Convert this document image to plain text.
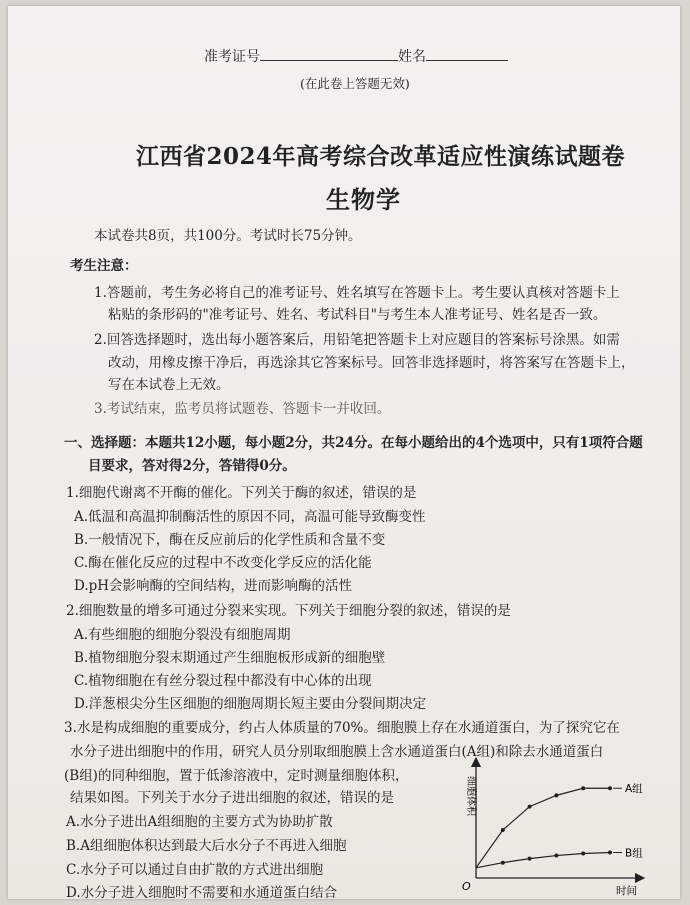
准考证号	姓名
(在此卷上答题无效)
江西省2024年高考综合改革适应性演练试题卷
生物学
本试卷共8页，共100分。考试时长75分钟。
考生注意：
1.答题前，考生务必将自己的准考证号、姓名填写在答题卡上。考生要认真核对答题卡上
粘贴的条形码的"准考证号、姓名、考试科目"与考生本人准考证号、姓名是否一致。
2.回答选择题时，选出每小题答案后，用铅笔把答题卡上对应题目的答案标号涂黑。如需
改动，用橡皮擦干净后，再选涂其它答案标号。回答非选择题时，将答案写在答题卡上，
写在本试卷上无效。
3.考试结束，监考员将试题卷、答题卡一并收回。
一、选择题：本题共12小题，每小题2分，共24分。在每小题给出的4个选项中，只有1项符合题
目要求，答对得2分，答错得0分。
1.细胞代谢离不开酶的催化。下列关于酶的叙述，错误的是
A.低温和高温抑制酶活性的原因不同，高温可能导致酶变性
B.一般情况下，酶在反应前后的化学性质和含量不变
C.酶在催化反应的过程中不改变化学反应的活化能
D.pH会影响酶的空间结构，进而影响酶的活性
2.细胞数量的增多可通过分裂来实现。下列关于细胞分裂的叙述，错误的是
A.有些细胞的细胞分裂没有细胞周期
B.植物细胞分裂末期通过产生细胞板形成新的细胞壁
C.植物细胞在有丝分裂过程中都没有中心体的出现
D.洋葱根尖分生区细胞的细胞周期长短主要由分裂间期决定
3.水是构成细胞的重要成分，约占人体质量的70%。细胞膜上存在水通道蛋白，为了探究它在
水分子进出细胞中的作用，研究人员分别取细胞膜上含水通道蛋白(A组)和除去水通道蛋白
(B组)的同种细胞，置于低渗溶液中，定时测量细胞体积，
结果如图。下列关于水分子进出细胞的叙述，错误的是
A.水分子进出A组细胞的主要方式为协助扩散
B.A组细胞体积达到最大后水分子不再进入细胞
C.水分子可以通过自由扩散的方式进出细胞
D.水分子进入细胞时不需要和水通道蛋白结合
细胞体积
时间
O
A组
B组
